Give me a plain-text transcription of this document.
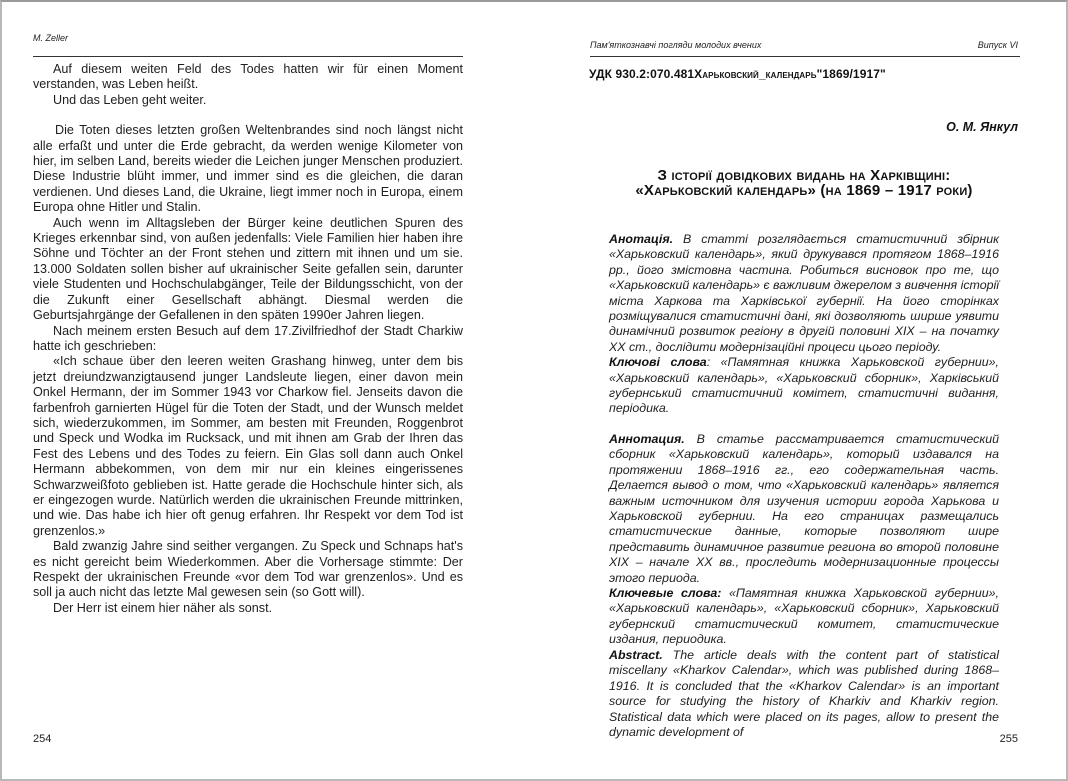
M. Zeller

Auf diesem weiten Feld des Todes hatten wir für einen Moment verstanden, was Leben heißt.

Und das Leben geht weiter.

Die Toten dieses letzten großen Weltenbrandes sind noch längst nicht alle erfaßt und unter die Erde gebracht, da werden wenige Kilometer von hier, im selben Land, bereits wieder die Leichen junger Menschen produziert. Diese Industrie blüht immer, und immer sind es die gleichen, die daran verdienen. Und dieses Land, die Ukraine, liegt immer noch in Europa, einem Europa ohne Hitler und Stalin.

Auch wenn im Alltagsleben der Bürger keine deutlichen Spuren des Krieges erkennbar sind, von außen jedenfalls: Viele Familien hier haben ihre Söhne und Töchter an der Front stehen und zittern mit ihnen und um sie. 13.000 Soldaten sollen bisher auf ukrainischer Seite gefallen sein, darunter viele Studenten und Hochschulabgänger, Teile der Bildungsschicht, von der die Zukunft einer Gesellschaft abhängt. Diesmal werden die Geburtsjahrgänge der Gefallenen in den späten 1990er Jahren liegen.

Nach meinem ersten Besuch auf dem 17.Zivilfriedhof der Stadt Charkiw hatte ich geschrieben:

«Ich schaue über den leeren weiten Grashang hinweg, unter dem bis jetzt dreiundzwanzigtausend junger Landsleute liegen, einer davon mein Onkel Hermann, der im Sommer 1943 vor Charkow fiel. Jenseits davon die farbenfroh garnierten Hügel für die Toten der Stadt, und der Wunsch meldet sich, wiederzukommen, im Sommer, am besten mit Freunden, Roggenbrot und Speck und Wodka im Rucksack, und mit ihnen am Grab der Ihren das Fest des Lebens und des Todes zu feiern. Ein Glas soll dann auch Onkel Hermann abbekommen, von dem mir nur ein kleines eingerissenes Schwarzweißfoto geblieben ist. Hatte gerade die Hochschule hinter sich, als er eingezogen wurde. Natürlich werden die ukrainischen Freunde mittrinken, und wie. Das habe ich hier oft genug erfahren. Ihr Respekt vor dem Tod ist grenzenlos.»

Bald zwanzig Jahre sind seither vergangen. Zu Speck und Schnaps hat's es nicht gereicht beim Wiederkommen. Aber die Vorhersage stimmte: Der Respekt der ukrainischen Freunde «vor dem Tod war grenzenlos». Und es soll ja auch nicht das letzte Mal gewesen sein (so Gott will).

Der Herr ist einem hier näher als sonst.

254
Пам'яткознавчі погляди молодих вчених	Випуск VI
УДК 930.2:070.481Харьковский_календарь"1869/1917"
О. М. Янкул
З історії довідкових видань на Харківщині:
«Харьковский календарь» (на 1869 – 1917 роки)

Анотація. В статті розглядається статистичний збірник «Харьковский календарь», який друкувався протягом 1868–1916 рр., його змістовна частина. Робиться висновок про те, що «Харьковский календарь» є важливим джерелом з вивчення історії міста Харкова та Харківської губернії. На його сторінках розміщувалися статистичні дані, які дозволяють ширше уявити динамічний розвиток регіону в другій половині XIX – на початку XX ст., дослідити модернізаційні процеси цього періоду.

Ключові слова: «Памятная книжка Харьковской губернии», «Харьковский календарь», «Харьковский сборник», Харківський губернський статистичний комітет, статистичні видання, періодика.

Аннотация. В статье рассматривается статистический сборник «Харьковский календарь», который издавался на протяжении 1868–1916 гг., его содержательная часть. Делается вывод о том, что «Харьковский календарь» является важным источником для изучения истории города Харькова и Харьковской губернии. На его страницах размещались статистические данные, которые позволяют шире представить динамичное развитие региона во второй половине XIX – начале XX вв., проследить модернизационные процессы этого периода.

Ключевые слова: «Памятная книжка Харьковской губернии», «Харьковский календарь», «Харьковский сборник», Харьковский губернский статистический комитет, статистические издания, периодика.

Abstract. The article deals with the content part of statistical miscellany «Kharkov Calendar», which was published during 1868–1916. It is concluded that the «Kharkov Calendar» is an important source for studying the history of Kharkiv and Kharkiv region. Statistical data which were placed on its pages, allow to present the dynamic development of	255
